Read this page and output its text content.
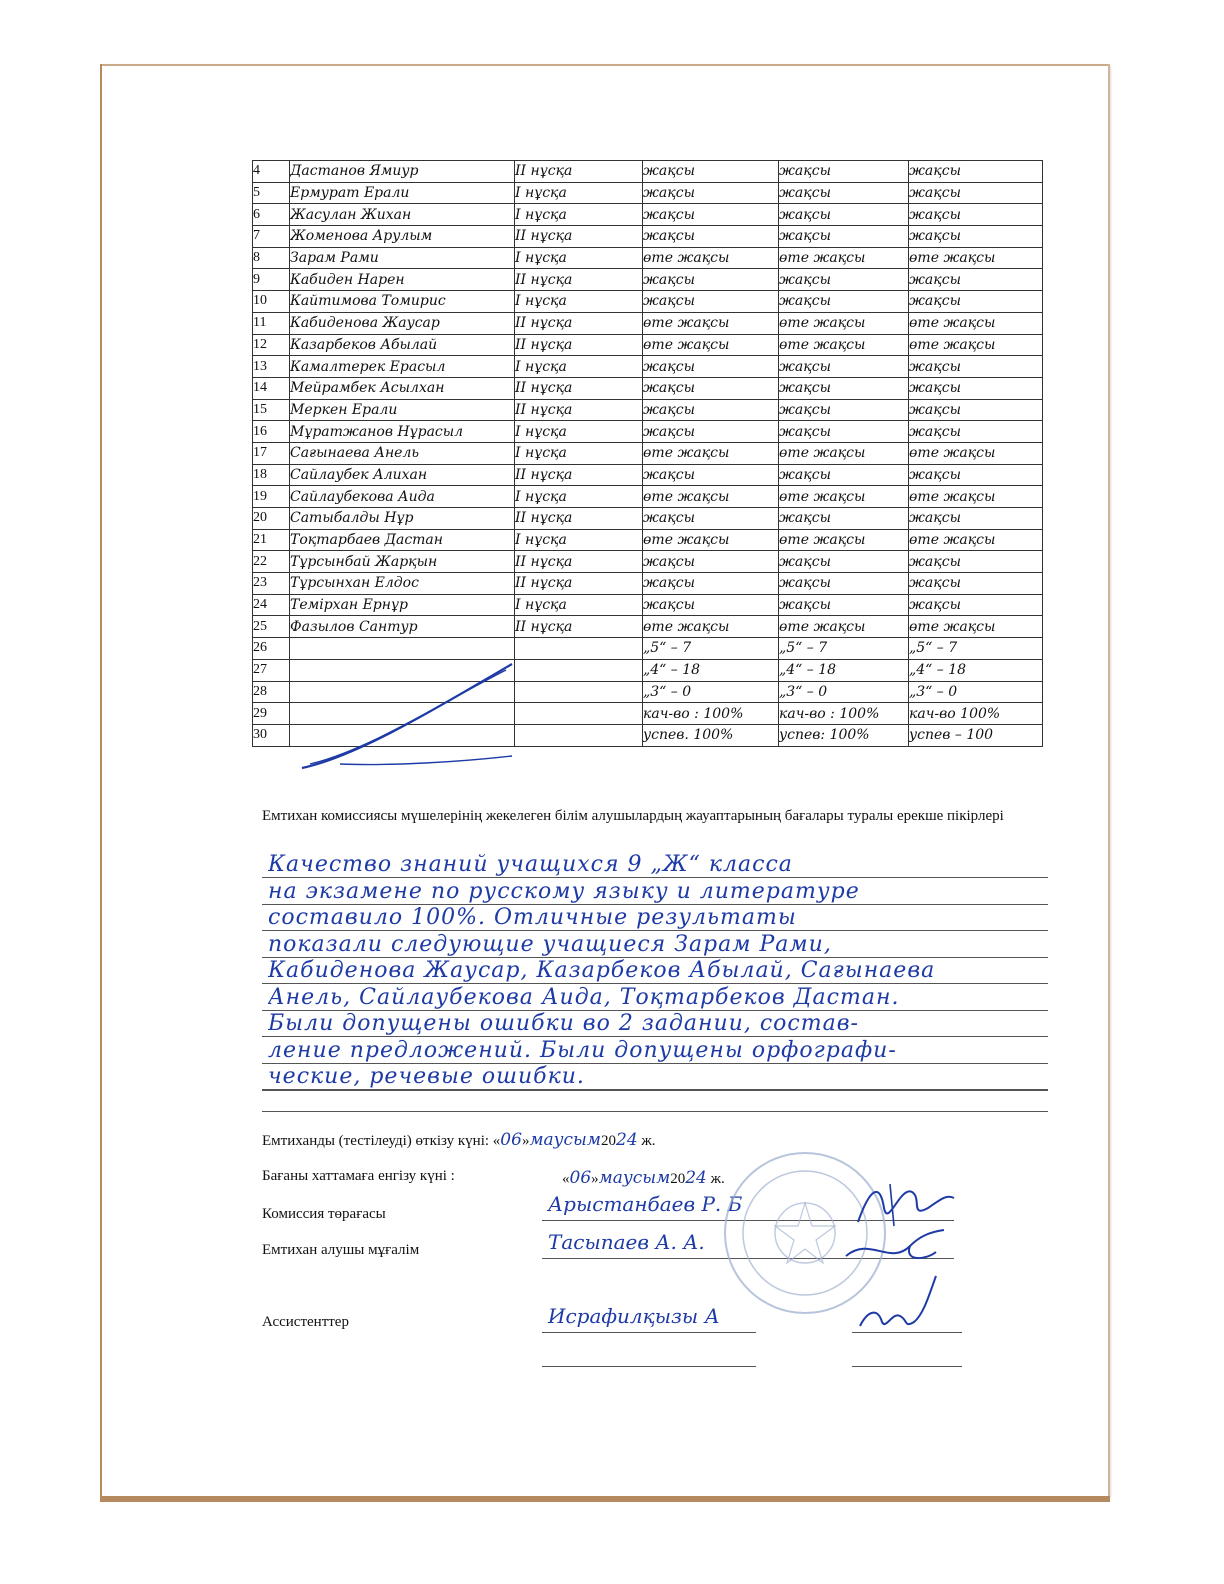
4	Дастанов Ямиур	II нұсқа	жақсы	жақсы	жақсы
5	Ермурат Ерали	I нұсқа	жақсы	жақсы	жақсы
6	Жасулан Жихан	I нұсқа	жақсы	жақсы	жақсы
7	Жоменова Арулым	II нұсқа	жақсы	жақсы	жақсы
8	Зарам Рами	I нұсқа	өте жақсы	өте жақсы	өте жақсы
9	Кабиден Нарен	II нұсқа	жақсы	жақсы	жақсы
10	Кайтимова Томирис	I нұсқа	жақсы	жақсы	жақсы
11	Кабиденова Жаусар	II нұсқа	өте жақсы	өте жақсы	өте жақсы
12	Казарбеков Абылай	II нұсқа	өте жақсы	өте жақсы	өте жақсы
13	Камалтерек Ерасыл	I нұсқа	жақсы	жақсы	жақсы
14	Мейрамбек Асылхан	II нұсқа	жақсы	жақсы	жақсы
15	Меркен Ерали	II нұсқа	жақсы	жақсы	жақсы
16	Мұратжанов Нұрасыл	I нұсқа	жақсы	жақсы	жақсы
17	Сағынаева Анель	I нұсқа	өте жақсы	өте жақсы	өте жақсы
18	Сайлаубек Алихан	II нұсқа	жақсы	жақсы	жақсы
19	Сайлаубекова Аида	I нұсқа	өте жақсы	өте жақсы	өте жақсы
20	Сатыбалды Нұр	II нұсқа	жақсы	жақсы	жақсы
21	Тоқтарбаев Дастан	I нұсқа	өте жақсы	өте жақсы	өте жақсы
22	Тұрсынбай Жарқын	II нұсқа	жақсы	жақсы	жақсы
23	Тұрсынхан Елдос	II нұсқа	жақсы	жақсы	жақсы
24	Темірхан Ернұр	I нұсқа	жақсы	жақсы	жақсы
25	Фазылов Сантур	II нұсқа	өте жақсы	өте жақсы	өте жақсы
26			„5“ – 7	„5“ – 7	„5“ – 7
27			„4“ – 18	„4“ – 18	„4“ – 18
28			„3“ – 0	„3“ – 0	„3“ – 0
29			кач-во : 100%	кач-во : 100%	кач-во 100%
30			успев. 100%	успев: 100%	успев – 100
Емтихан комиссиясы мүшелерінің жекелеген білім алушылардың жауаптарының бағалары туралы ерекше пікірлері
Качество знаний учащихся 9 „Ж“ класса
на экзамене по русскому языку и литературе
составило 100%. Отличные результаты
показали следующие учащиеся Зарам Рами,
Кабиденова Жаусар, Казарбеков Абылай, Сағынаева
Анель, Сайлаубекова Аида, Тоқтарбеков Дастан.
Были допущены ошибки во 2 задании, состав-
ление предложений. Были допущены орфографи-
ческие, речевые ошибки.
Емтиханды (тестілеуді) өткізу күні: «06»маусым2024 ж.
Бағаны хаттамаға енгізу күні :	«06»маусым2024 ж.
Комиссия төрағасы	Арыстанбаев Р. Б
Емтихан алушы мұғалім	Тасыпаев А. А.
Ассистенттер	Исрафилқызы А
